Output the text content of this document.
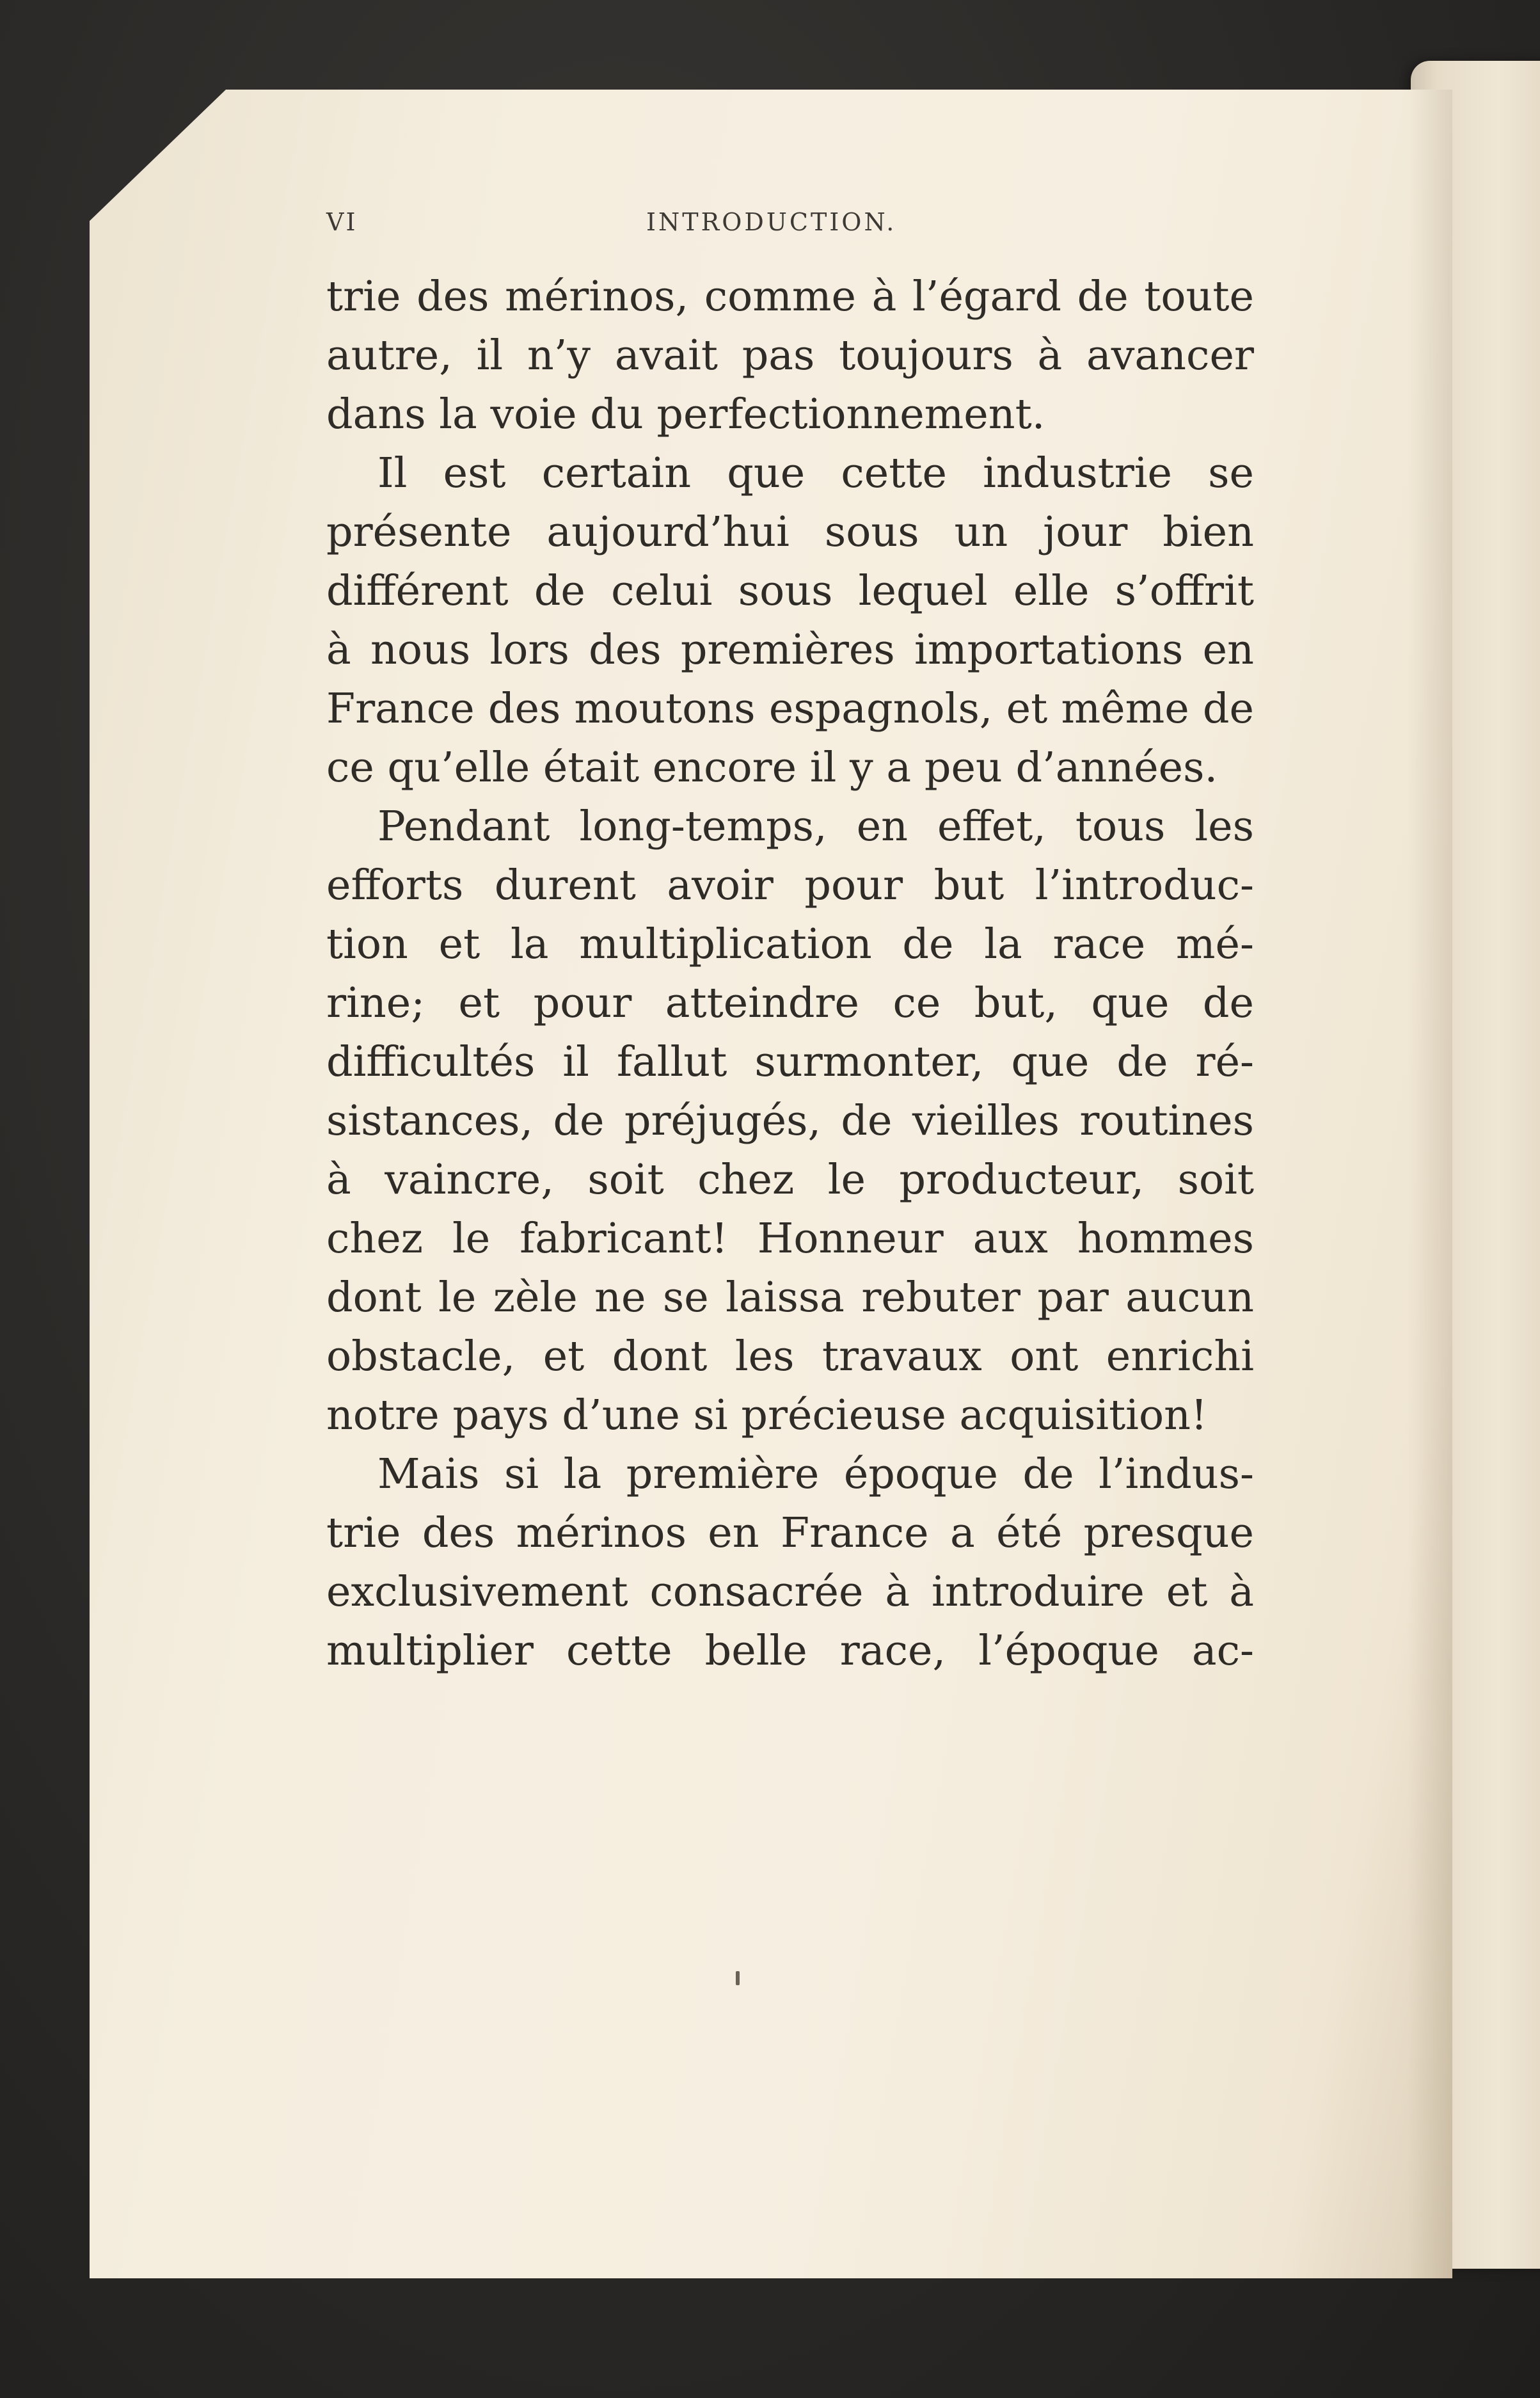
VI	INTRODUCTION.
trie des mérinos, comme à l’égard de toute
autre, il n’y avait pas toujours à avancer
dans la voie du perfectionnement.
Il est certain que cette industrie se
présente aujourd’hui sous un jour bien
différent de celui sous lequel elle s’offrit
à nous lors des premières importations en
France des moutons espagnols, et même de
ce qu’elle était encore il y a peu d’années.
Pendant long-temps, en effet, tous les
efforts durent avoir pour but l’introduc-
tion et la multiplication de la race mé-
rine; et pour atteindre ce but, que de
difficultés il fallut surmonter, que de ré-
sistances, de préjugés, de vieilles routines
à vaincre, soit chez le producteur, soit
chez le fabricant! Honneur aux hommes
dont le zèle ne se laissa rebuter par aucun
obstacle, et dont les travaux ont enrichi
notre pays d’une si précieuse acquisition!
Mais si la première époque de l’indus-
trie des mérinos en France a été presque
exclusivement consacrée à introduire et à
multiplier cette belle race, l’époque ac-
